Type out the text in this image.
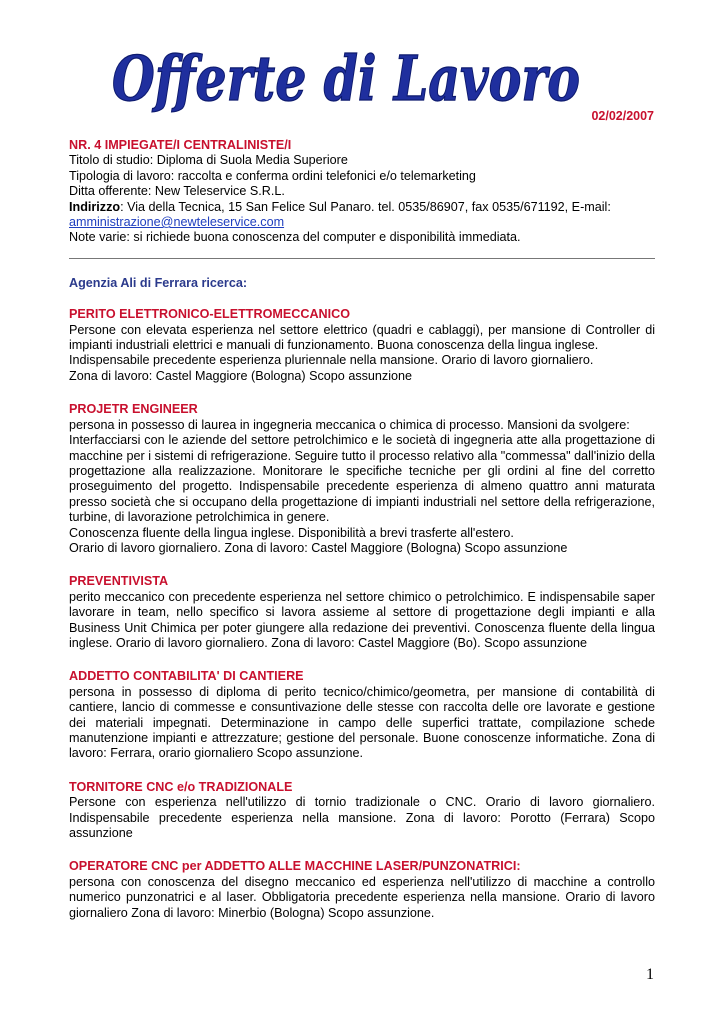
Offerte di Lavoro
02/02/2007

NR. 4 IMPIEGATE/I CENTRALINISTE/I

Titolo di studio: Diploma di Suola Media Superiore

Tipologia di lavoro: raccolta e conferma ordini telefonici e/o telemarketing

Ditta offerente: New Teleservice S.R.L.

Indirizzo: Via della Tecnica, 15 San Felice Sul Panaro. tel. 0535/86907, fax 0535/671192, E-mail:

amministrazione@newteleservice.com

Note varie: si richiede buona conoscenza del computer e disponibilità immediata.

Agenzia Ali di Ferrara ricerca:

PERITO ELETTRONICO-ELETTROMECCANICO

Persone con elevata esperienza nel settore elettrico (quadri e cablaggi), per mansione di Controller di impianti industriali elettrici e manuali di funzionamento. Buona conoscenza della lingua inglese.

Indispensabile precedente esperienza pluriennale nella mansione. Orario di lavoro giornaliero.

Zona di lavoro: Castel Maggiore (Bologna) Scopo assunzione

PROJETR ENGINEER

persona in possesso di laurea in ingegneria meccanica o chimica di processo. Mansioni da svolgere:

Interfacciarsi con le aziende del settore petrolchimico e le società di ingegneria atte alla progettazione di macchine per i sistemi di refrigerazione. Seguire tutto il processo relativo alla "commessa" dall'inizio della progettazione alla realizzazione. Monitorare le specifiche tecniche per gli ordini al fine del corretto proseguimento del progetto. Indispensabile precedente esperienza di almeno quattro anni maturata presso società che si occupano della progettazione di impianti industriali nel settore della refrigerazione, turbine, di lavorazione petrolchimica in genere.

Conoscenza fluente della lingua inglese. Disponibilità a brevi trasferte all'estero.

Orario di lavoro giornaliero. Zona di lavoro: Castel Maggiore (Bologna) Scopo assunzione

PREVENTIVISTA

perito meccanico con precedente esperienza nel settore chimico o petrolchimico. E indispensabile saper lavorare in team, nello specifico si lavora assieme al settore di progettazione degli impianti e alla Business Unit Chimica per poter giungere alla redazione dei preventivi. Conoscenza fluente della lingua inglese. Orario di lavoro giornaliero. Zona di lavoro: Castel Maggiore (Bo). Scopo assunzione

ADDETTO CONTABILITA' DI CANTIERE

persona in possesso di diploma di perito tecnico/chimico/geometra, per mansione di contabilità di cantiere, lancio di commesse e consuntivazione delle stesse con raccolta delle ore lavorate e gestione dei materiali impegnati. Determinazione in campo delle superfici trattate, compilazione schede manutenzione impianti e attrezzature; gestione del personale. Buone conoscenze informatiche. Zona di lavoro: Ferrara, orario giornaliero Scopo assunzione.

TORNITORE CNC e/o TRADIZIONALE

Persone con esperienza nell'utilizzo di tornio tradizionale o CNC. Orario di lavoro giornaliero. Indispensabile precedente esperienza nella mansione. Zona di lavoro: Porotto (Ferrara) Scopo assunzione

OPERATORE CNC per ADDETTO ALLE MACCHINE LASER/PUNZONATRICI:

persona con conoscenza del disegno meccanico ed esperienza nell'utilizzo di macchine a controllo numerico punzonatrici e al laser. Obbligatoria precedente esperienza nella mansione. Orario di lavoro giornaliero Zona di lavoro: Minerbio (Bologna) Scopo assunzione.

1
